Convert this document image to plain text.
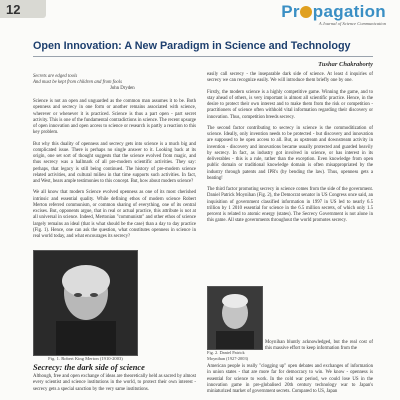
12	Pr pagation
A Journal of Science Communication
Open Innovation: A New Paradigm in Science and Technology
Tushar Chakraborty
Secrets are edged tools
And must be kept from children and from fools
John Dryden

Science is not an open and unguarded as the common man assumes it to be. Both openness and secrecy in one form or another remains associated with science, wherever or whenever it is practiced. Science is thus a part open - part secret activity. This is one of the fundamental contradictions in science. The recent upsurge of open innovation and open access to science or research is partly a reaction to this key problem.

But why this duality of openness and secrecy gets into science is a much big and complicated issue. There is perhaps no single answer to it. Looking back at its origin, one set sort of thought suggests that the science evolved from magic, and thus secrecy was a hallmark of all pre-modern scientific activities. They say: perhaps, that legacy is still being continued. The history of pre-modern science related activities, and cultural milieu in that time supports such activities. In fact, and West, bears ample testimonies to this concept. But, how about modern science?

We all know that modern Science evolved openness as one of its most cherished intrinsic and essential quality. While defining ethos of modern science Robert Merton referred communism, or common sharing of everything, one of its central excises. But, opponents argue, that in real or actual practice, this attribute is not at all universal in science. Indeed, Mertonian "communism" and other ethos of science largely remains an ideal (that is what should be the case) than a day to day practice (Fig. 1). Hence, one can ask the question, what constitutes openness in science in real world today, and what encourages its secrecy?

Fig. 1. Robert King Merton (1910-2003)
Secrecy: the dark side of science

Although, free and open exchange of ideas are theoretically held as sacred by almost every scientist and science institutions in the world, to protect their own interest - secrecy gets a special sanction by the very same institutions.

easily call secrecy - the inseparable dark side of science. At least 4 inquiries of secrecy we can recognize easily. We will introduce them briefly one by one.

Firstly, the modern science is a highly competitive game. Winning the game, and to stay ahead of others, is very important is almost all scientific practice. Hence, in the desire to protect their own interest and to make them from the risk or competition - practitioners of science often withhold vital information regarding their discovery or innovation. Thus, competition breeds secrecy.

The second factor contributing to secrecy in science is the commoditization of science. Ideally, only invention needs to be protected - but discovery and innovation are supposed to be open access to all. But, as upstream and downstream activity in invention - discovery and innovations became usually protected and guarded heavily by secrecy. In fact, as industry got involved in science, or has interest in its deliverables - this is a rule, rather than the exception. Even knowledge from open public domain or traditional knowledge domain is often misappropriated by the industry through patents and IPR's (by bending the law). Thus, openness gets a beating!

The third factor promoting secrecy in science comes from the side of the government. Daniel Patrick Moynihan (Fig. 2), the Democrat senator in US Congress once said, an inquisition of government classified information in 1997 in US led to nearly 6.5 trillion by 1 2010 essential for science in the 6.5 million secrets, of which only 1.5 percent is related to atomic energy (states). The Secrecy Government is not alone in this game. All state governments throughout the world promotes secrecy.

Fig. 2. Daniel Patrick Moynihan (1927-2003)

Moynihan bluntly acknowledged, but the real cost of this massive effort to keep information from the

American people is really "clogging up" open debates and exchanges of information in union states - that are more far for democracy to win. We know - openness is essential for science to work. In the cold war period, we could lose US in the innovation game in pre-globalised 20th century technology war to Japan's miniaturized market of government secrets. Compared to US, Japan
